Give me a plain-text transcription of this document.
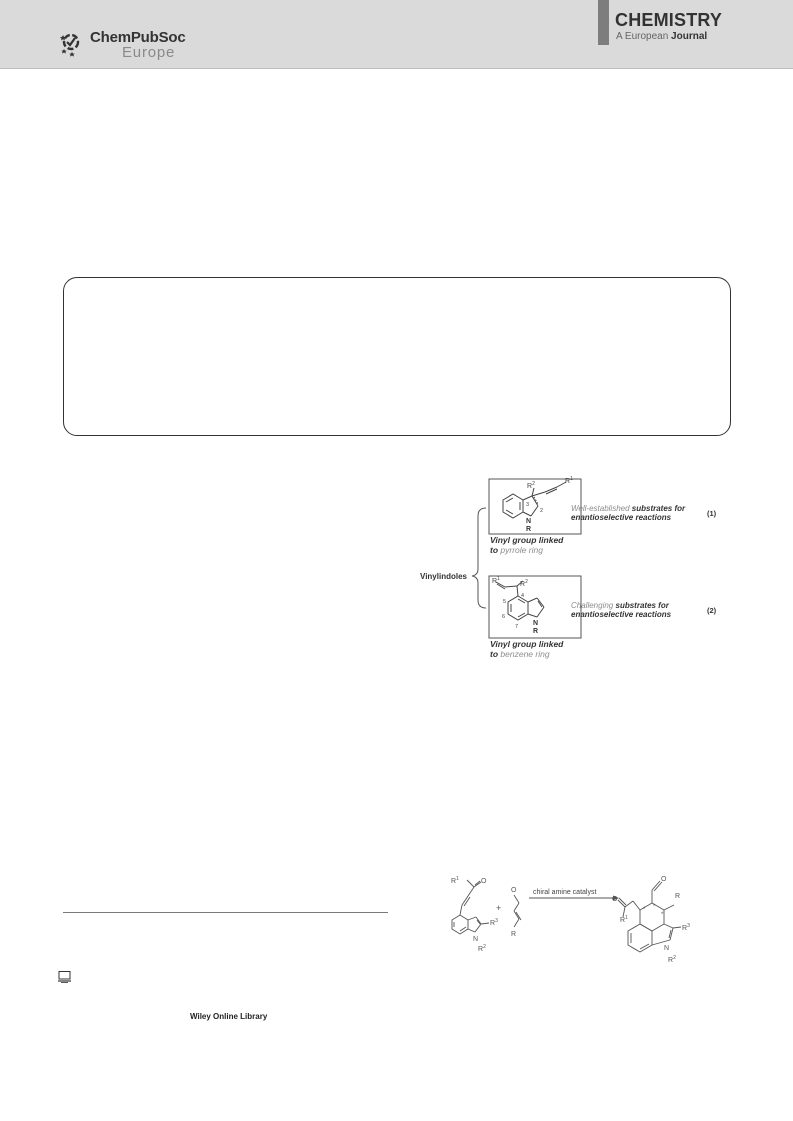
ChemPubSoc
Europe
CHEMISTRY
A European Journal
Vinylindoles
$R^2$	$R^1$
3
2
N
R
Vinyl group linked
to pyrrole ring
Well-established substrates for
enantioselective reactions	(1)
$R^1$
$R^2$
4
5
6
7 N
R
Vinyl group linked
to benzene ring
Challenging substrates for
enantioselective reactions	(2)
Wiley Online Library
$R^1$	O
$R^3$
N
$R^2$
+
O
R
chiral amine catalyst
O
O	R
$R^1$
$R^3$
N
$R^2$
* *
*
